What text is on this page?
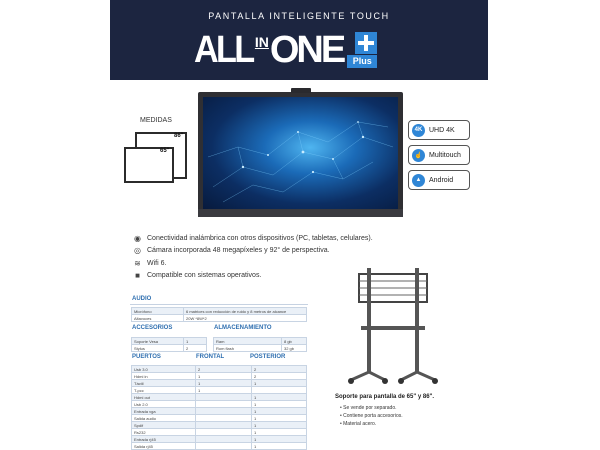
PANTALLA INTELIGENTE TOUCH
ALL IN ONE	Plus
MEDIDAS
86"
65"
4K UHD 4K
☝ Multitouch
▲	Android
◉ Conectividad inalámbrica con otros dispositivos (PC, tabletas, celulares).
◎ Cámara incorporada 48 megapíxeles y 92° de perspectiva.
≋ Wifi 6.
■ Compatible con sistemas operativos.
AUDIO
Micrófono	6 matrices con reducción de ruido y 8 metros de alcance
Altavoces	20W *8W*2
ACCESORIOS
Soporte Vesa	1
Stylus	2
ALMACENAMIENTO
Ram	8 gb
Rom flash	32 gb
PUERTOS	FRONTAL	POSTERIOR
Usb 3.0	2	2
Hdmi in	1	2
Táctil	1	1
T-pcc	1	
Hdmi out		1
Usb 2.0		1
Entrada vga		1
Salida audio		1
Spdif		1
Rs232		1
Entrada rj45		1
Salida rj45		1
Soporte para pantalla de 65" y 86".
• Se vende por separado.
• Contiene porta accesorios.
• Material acero.
